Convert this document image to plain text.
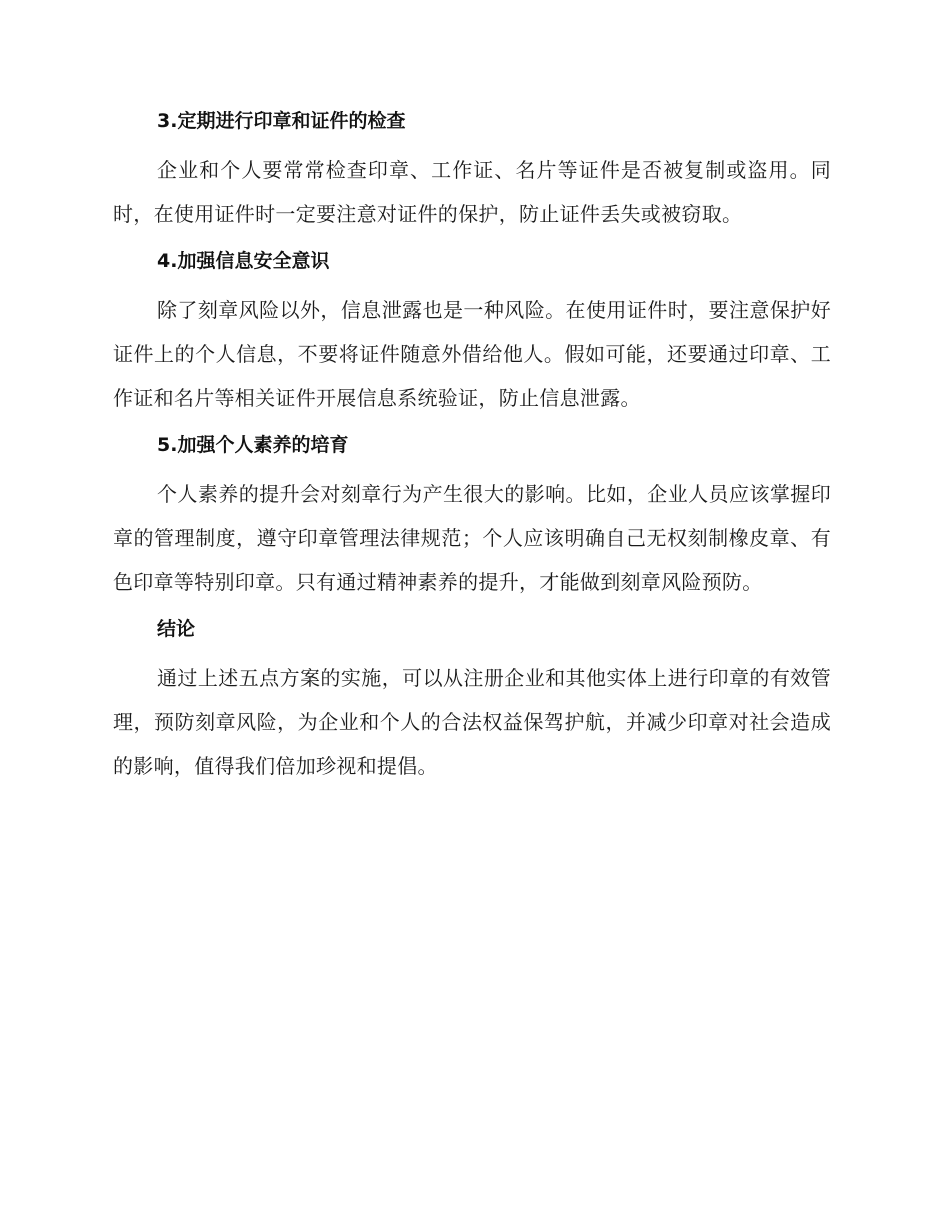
3.定期进行印章和证件的检查

企业和个人要常常检查印章、工作证、名片等证件是否被复制或盗用。同时，在使用证件时一定要注意对证件的保护，防止证件丢失或被窃取。

4.加强信息安全意识

除了刻章风险以外，信息泄露也是一种风险。在使用证件时，要注意保护好证件上的个人信息，不要将证件随意外借给他人。假如可能，还要通过印章、工作证和名片等相关证件开展信息系统验证，防止信息泄露。

5.加强个人素养的培育

个人素养的提升会对刻章行为产生很大的影响。比如，企业人员应该掌握印章的管理制度，遵守印章管理法律规范；个人应该明确自己无权刻制橡皮章、有色印章等特别印章。只有通过精神素养的提升，才能做到刻章风险预防。

结论

通过上述五点方案的实施，可以从注册企业和其他实体上进行印章的有效管理，预防刻章风险，为企业和个人的合法权益保驾护航，并减少印章对社会造成的影响，值得我们倍加珍视和提倡。
